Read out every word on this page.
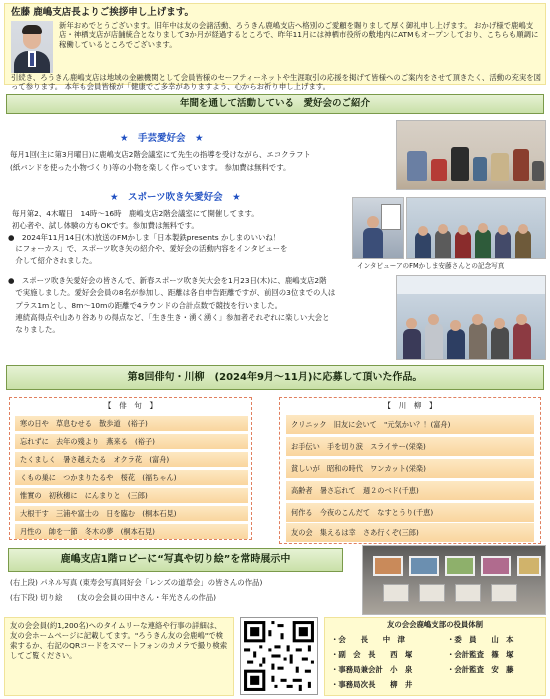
佐藤 鹿嶋支店長よりご挨拶申し上げます。
新年おめでとうございます。旧年中は友の会諸活動、ろうきん鹿嶋支店へ格別のご愛顧を賜りまして厚く御礼申し上げます。 おかげ様で鹿嶋支店・神栖支店が店舗統合となりまして3か月が経過するところで、昨年11月には神栖市役所の敷地内にATMもオープンしており、こちらも順調に稼働しているところでございます。
引続き、ろうきん鹿嶋支店は地域の金融機関として会員皆様のセーフティーネットや生涯取引の応援を掲げて皆様へのご案内をさせて頂きたく、活動の充実を図って参ります。 本年も会員皆様が「健康でご多幸がありますよう、心からお祈り申し上げます。
年間を通して活動している　愛好会のご紹介
★　手芸愛好会　★
毎月1回(主に第3月曜日)に鹿嶋支店2階会議室にて先生の指導を受けながら、エコクラフト
(紙バンドを使った小物づくり)等の小物を楽しく作っています。 参加費は無料です。
★　スポーツ吹き矢愛好会　★
毎月第2、4木曜日　14時～16時　鹿嶋支店2階会議室にて開催してます。
初心者や、試し体験の方もOKです。参加費は無料です。
●　2024年11月14日(木)放送のFMかしま「日本製鉄presents かしまのいいね！
　にフォーカス」で、スポーツ吹き矢の紹介や、愛好会の活動内容をインタビューを
　介して紹介されました。
インタビューアのFMかしま安藤さんとの記念写真
●　スポーツ吹き矢愛好会の皆さんで、新春スポーツ吹き矢大会を1月23日(木)に、鹿嶋支店2階
　で実施しました。愛好会会員の8名が参加し、距離は各自申告距離ですが、前回の3位までの人は
　プラス1mとし、8m～10mの距離で4ラウンドの合計点数で競技を行いました。
　連続高得点や山あり谷ありの得点など、「生き生き・湧く湧く」参加者それぞれに楽しい大会と
　なりました。
第8回俳句・川柳　(2024年9月～11月)に応募して頂いた作品。
【　俳　句　】
寒の日や　草息むせる　散歩道　(裕子)
忘れずに　去年の殘より　燕来る　(裕子)
たくましく　暑さ越えたる　オクラ花　(富舟)
くもの巣に　つかまりたるや　桜花　(福ちゃん)
惟實の　初秋穗に　にんまりと　(三郎)
大根干す　三浦や富士の　日を臨む　(桐本石見)
月性の　帥を一節　冬木の夢　(桐本石見)
【　川　柳　】
クリニック　旧友に会いて　"元気かい？！(富舟)
お手伝い　手を切り涙　スライサー(栄楽)
貧しいが　昭和の時代　ワンカット(栄楽)
高齢者　暑さ忘れて　週２のベド(千恵)
何作る　今夜のこんだて　なすとうり(千恵)
友の会　集えるは幸　さあ行くぞ(三郎)
鹿嶋支店1階ロビーに“写真や切り絵”を常時展示中
(右上段) パネル写真 (東寿会写真同好会「レンズの道草会」の皆さんの作品)
(右下段) 切り絵　　(友の会会員の田中さん・年光さんの作品)
友の会会員(約1,200名)へのタイムリーな連絡や行事の詳細は、友の会ホームページに記載してます。"ろうきん友の会鹿嶋"で検索するか、右記のQRコードをスマートフォンのカメラで撮り検索してご覧ください。
友の会会鹿嶋支部の役員体制
・会　　長　　中　津	・委　員　　山　本
・副　会　長　　西　塚	・会計監査　篠　塚
・事務局兼会計　小　泉	・会計監査　安　藤
・事務局次長　　柳　井
